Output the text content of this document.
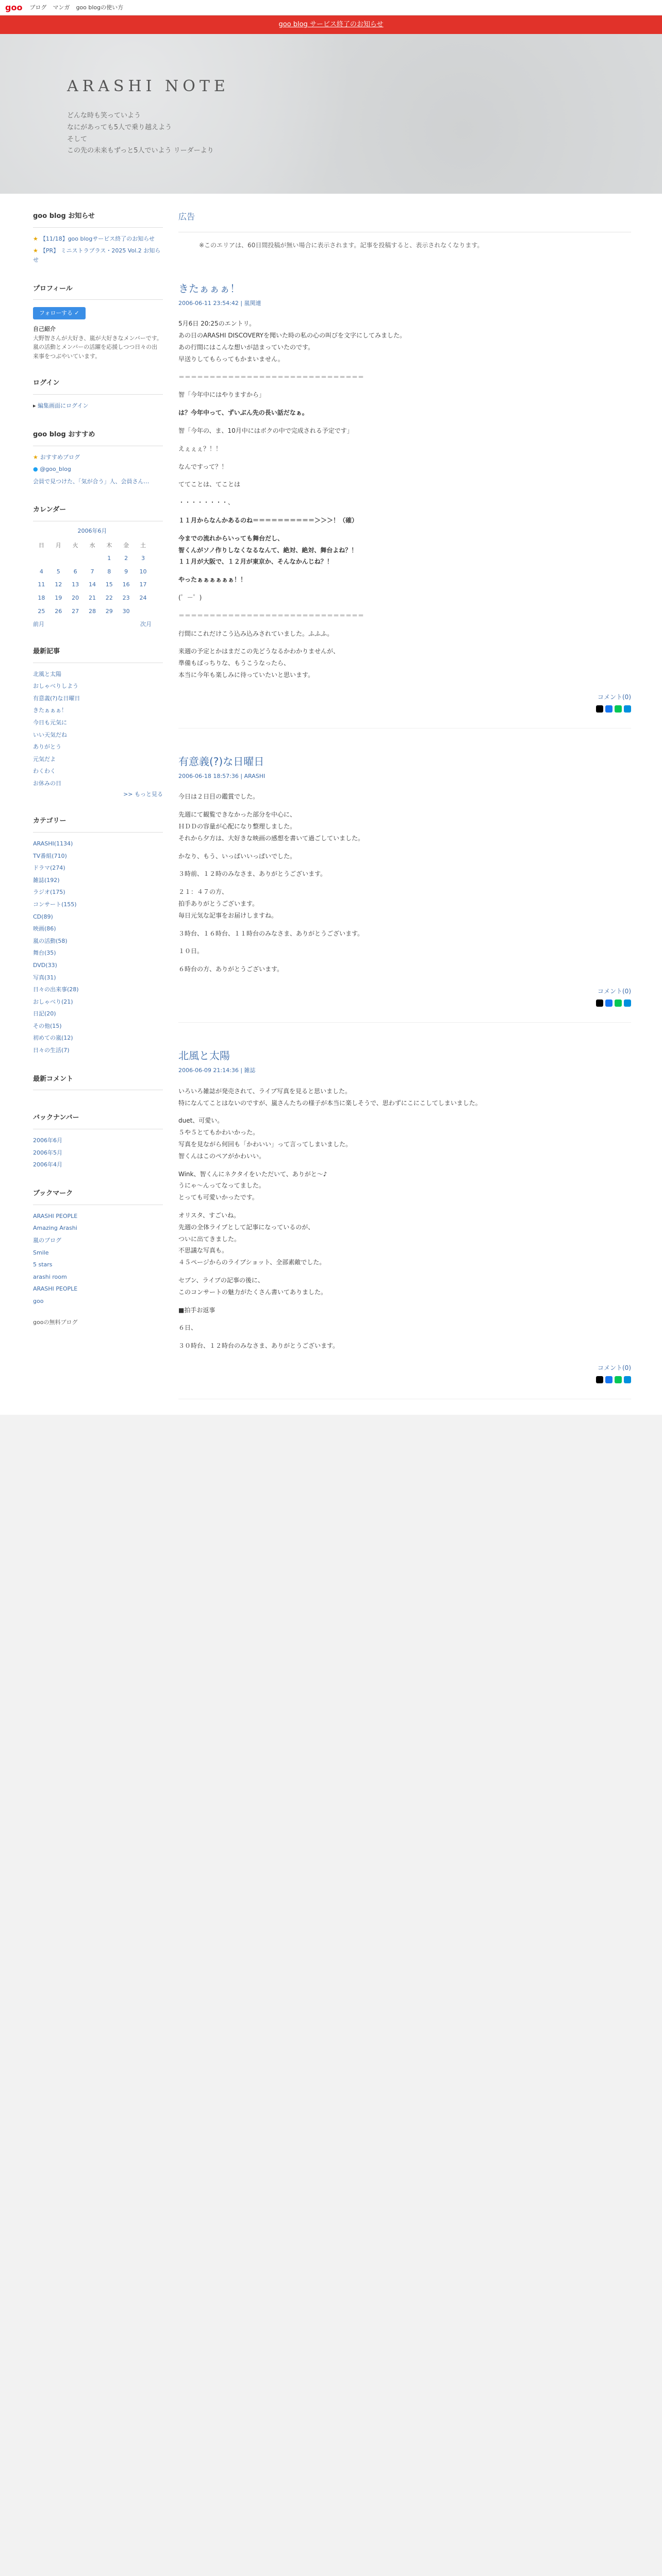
goo ブログ マンガ goo blogの使い方
goo blog サービス終了のお知らせ
ARASHI NOTE
どんな時も笑っていよう
なにがあっても5人で乗り越えよう
そして
この先の未来もずっと5人でいよう リーダーより
goo blog お知らせ
★ 【11/18】goo blogサービス終了のお知らせ
★ 【PR】 ミニストラブラス・2025 Vol.2 お知らせ
プロフィール
フォローする ✓
自己紹介
大野智さんが大好き、嵐が大好きなメンバーです。嵐の活動とメンバーの活躍を応援しつつ日々の出来事をつぶやいています。
ログイン
▸ 編集画面にログイン
goo blog おすすめ
★ おすすめブログ
● @goo_blog
会員で見つけた、「気が合う」人、会員さん…
カレンダー
2006年6月
日	月	火	水	木	金	土
				1	2	3
4	5	6	7	8	9	10
11	12	13	14	15	16	17
18	19	20	21	22	23	24
25	26	27	28	29	30	
前月	次月
最新記事
北風と太陽
おしゃべりしよう
有意義(?)な日曜日
きたぁぁぁ！
今日も元気に
いい天気だね
ありがとう
元気だよ
わくわく
お休みの日
>> もっと見る
カテゴリー
ARASHI(1134)
TV番組(710)
ドラマ(274)
雑誌(192)
ラジオ(175)
コンサート(155)
CD(89)
映画(86)
嵐の活動(58)
舞台(35)
DVD(33)
写真(31)
日々の出来事(28)
おしゃべり(21)
日記(20)
その他(15)
初めての嵐(12)
日々の生活(7)
最新コメント
バックナンバー
2006年6月
2006年5月
2006年4月
ブックマーク
ARASHI PEOPLE
Amazing Arashi
嵐のブログ
Smile
5 stars
arashi room
ARASHI PEOPLE
goo
gooの無料ブログ
広告
※このエリアは、60日間投稿が無い場合に表示されます。記事を投稿すると、表示されなくなります。
きたぁぁぁ！
2006-06-11 23:54:42 | 嵐関連

5月6日 20:25のエントリ。
あの日のARASHI DISCOVERYを聞いた時の私の心の叫びを文字にしてみました。
あの行間にはこんな想いが詰まっていたのです。
早送りしてもらってもかまいません。

＝＝＝＝＝＝＝＝＝＝＝＝＝＝＝＝＝＝＝＝＝＝＝＝＝＝＝＝＝＝

智「今年中にはやりますから」

は？今年中って、ずいぶん先の長い話だなぁ。

智「今年の、ま、10月中にはボクの中で完成される予定です」

えぇぇぇ？！！

なんですって？！

ててことは、てことは

・・・・・・・・、

１１月からなんかあるのね＝＝＝＝＝＝＝＝＝＝＞＞＞！（確）

今までの流れからいっても舞台だし、
智くんがソノ作りしなくなるなんて、絶対、絶対、舞台よね？！
１１月が大阪で、１２月が東京か、そんなかんじね？！

やったぁぁぁぁぁぁ！！

(゜－゜)

＝＝＝＝＝＝＝＝＝＝＝＝＝＝＝＝＝＝＝＝＝＝＝＝＝＝＝＝＝＝

行間にこれだけこう込み込みされていました。ふふふ。

来週の予定とかはまだこの先どうなるかわかりませんが、
準備もばっちりな、もうこうなったら、
本当に今年も楽しみに待っていたいと思います。

コメント(0)
有意義(?)な日曜日
2006-06-18 18:57:36 | ARASHI

今日は２日目の鑑賞でした。

先週にて観覧できなかった部分を中心に、
ＨＤＤの容量が心配になり整理しました。
それから夕方は、大好きな映画の感想を書いて過ごしていました。

かなり、もう、いっぱいいっぱいでした。

３時前、１２時のみなさま、ありがとうございます。

２１：４７の方、
拍手ありがとうございます。
毎日元気な記事をお届けしますね。

３時台、１６時台、１１時台のみなさま、ありがとうございます。

１０日。

６時台の方、ありがとうございます。

コメント(0)
北風と太陽
2006-06-09 21:14:36 | 雑誌

いろいろ雑誌が発売されて、ライブ写真を見ると思いました。
特になんてことはないのですが、嵐さんたちの様子が本当に楽しそうで、思わずにこにこしてしまいました。

duet、可愛い。
５や５とてもかわいかった。
写真を見ながら何回も「かわいい」って言ってしまいました。
智くんはこのペアがかわいい。

Wink、智くんにネクタイをいただいて、ありがと～♪
うにゃ～んってなってました。
とっても可愛いかったです。

オリスタ、すごいね。
先週の全体ライブとして記事になっているのが、
ついに出てきました。
不思議な写真も。
４５ページからのライブショット、全部素敵でした。

セブン、ライブの記事の後に、
このコンサートの魅力がたくさん書いてありました。

■拍手お返事

６日、

３０時台、１２時台のみなさま、ありがとうございます。

コメント(0)
